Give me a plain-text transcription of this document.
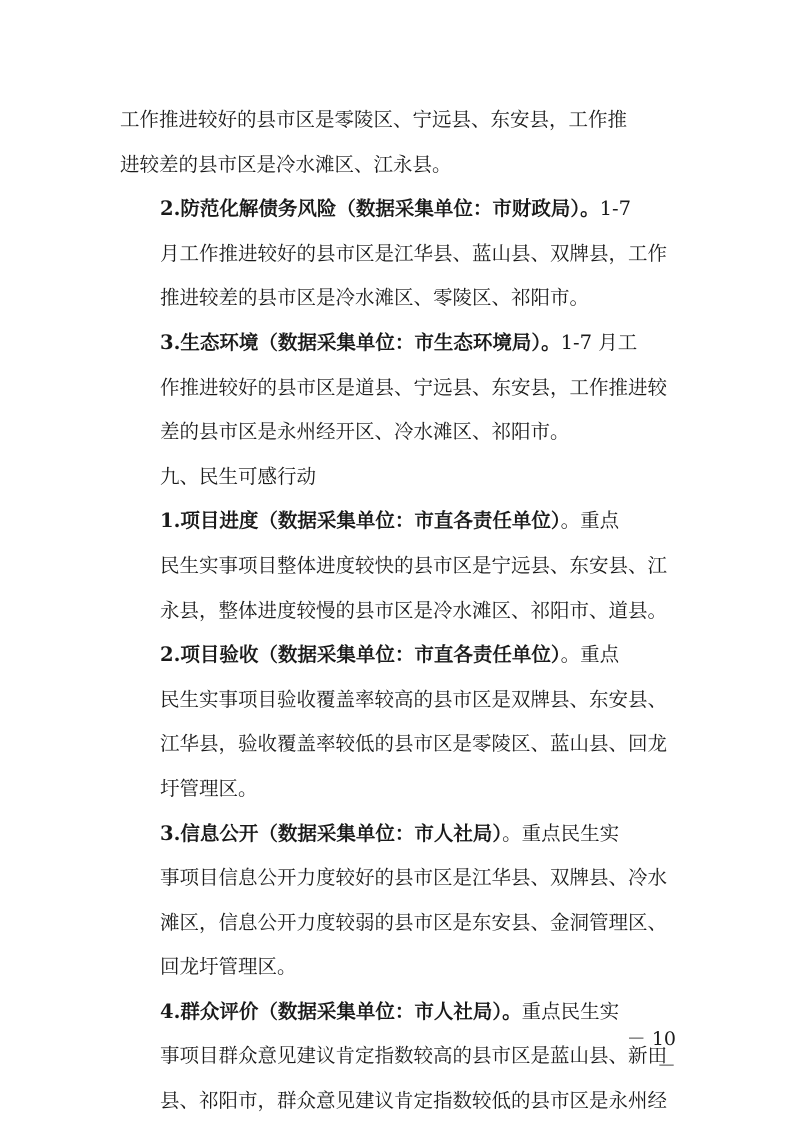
工作推进较好的县市区是零陵区、宁远县、东安县，工作推
进较差的县市区是冷水滩区、江永县。

2.防范化解债务风险（数据采集单位：市财政局）。1-7
月工作推进较好的县市区是江华县、蓝山县、双牌县，工作
推进较差的县市区是冷水滩区、零陵区、祁阳市。

3.生态环境（数据采集单位：市生态环境局）。1-7 月工
作推进较好的县市区是道县、宁远县、东安县，工作推进较
差的县市区是永州经开区、冷水滩区、祁阳市。

九、民生可感行动

1.项目进度（数据采集单位：市直各责任单位）。重点
民生实事项目整体进度较快的县市区是宁远县、东安县、江
永县，整体进度较慢的县市区是冷水滩区、祁阳市、道县。

2.项目验收（数据采集单位：市直各责任单位）。重点
民生实事项目验收覆盖率较高的县市区是双牌县、东安县、
江华县，验收覆盖率较低的县市区是零陵区、蓝山县、回龙
圩管理区。

3.信息公开（数据采集单位：市人社局）。重点民生实
事项目信息公开力度较好的县市区是江华县、双牌县、冷水
滩区，信息公开力度较弱的县市区是东安县、金洞管理区、
回龙圩管理区。

4.群众评价（数据采集单位：市人社局）。重点民生实
事项目群众意见建议肯定指数较高的县市区是蓝山县、新田
县、祁阳市，群众意见建议肯定指数较低的县市区是永州经

－ 10 －
